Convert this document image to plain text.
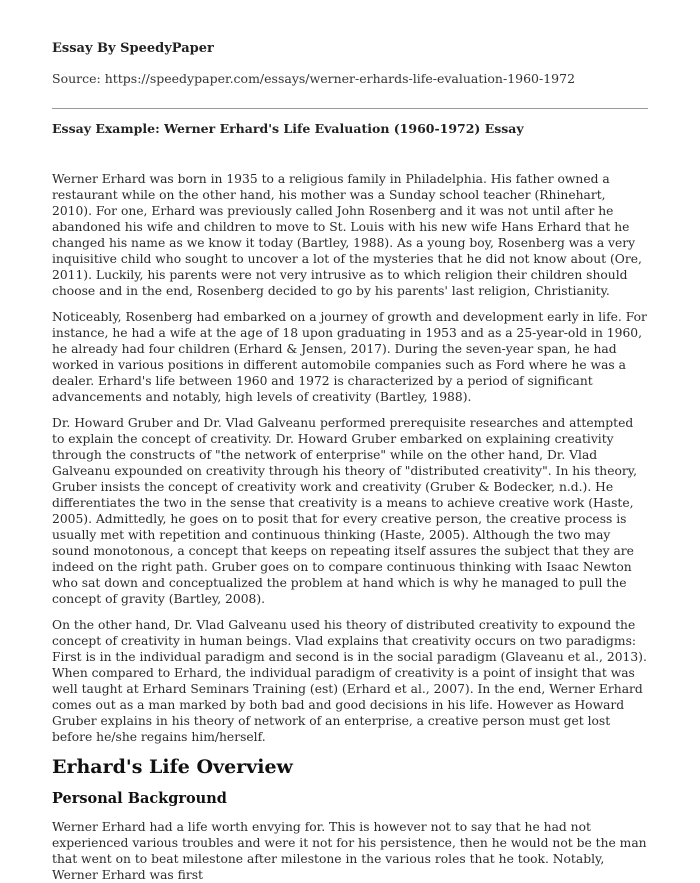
Essay By SpeedyPaper
Source: https://speedypaper.com/essays/werner-erhards-life-evaluation-1960-1972
Essay Example: Werner Erhard's Life Evaluation (1960-1972) Essay

Werner Erhard was born in 1935 to a religious family in Philadelphia. His father owned a restaurant while on the other hand, his mother was a Sunday school teacher (Rhinehart, 2010). For one, Erhard was previously called John Rosenberg and it was not until after he abandoned his wife and children to move to St. Louis with his new wife Hans Erhard that he changed his name as we know it today (Bartley, 1988). As a young boy, Rosenberg was a very inquisitive child who sought to uncover a lot of the mysteries that he did not know about (Ore, 2011). Luckily, his parents were not very intrusive as to which religion their children should choose and in the end, Rosenberg decided to go by his parents' last religion, Christianity.

Noticeably, Rosenberg had embarked on a journey of growth and development early in life. For instance, he had a wife at the age of 18 upon graduating in 1953 and as a 25-year-old in 1960, he already had four children (Erhard & Jensen, 2017). During the seven-year span, he had worked in various positions in different automobile companies such as Ford where he was a dealer. Erhard's life between 1960 and 1972 is characterized by a period of significant advancements and notably, high levels of creativity (Bartley, 1988).

Dr. Howard Gruber and Dr. Vlad Galveanu performed prerequisite researches and attempted to explain the concept of creativity. Dr. Howard Gruber embarked on explaining creativity through the constructs of "the network of enterprise" while on the other hand, Dr. Vlad Galveanu expounded on creativity through his theory of "distributed creativity". In his theory, Gruber insists the concept of creativity work and creativity (Gruber & Bodecker, n.d.). He differentiates the two in the sense that creativity is a means to achieve creative work (Haste, 2005). Admittedly, he goes on to posit that for every creative person, the creative process is usually met with repetition and continuous thinking (Haste, 2005). Although the two may sound monotonous, a concept that keeps on repeating itself assures the subject that they are indeed on the right path. Gruber goes on to compare continuous thinking with Isaac Newton who sat down and conceptualized the problem at hand which is why he managed to pull the concept of gravity (Bartley, 2008).

On the other hand, Dr. Vlad Galveanu used his theory of distributed creativity to expound the concept of creativity in human beings. Vlad explains that creativity occurs on two paradigms: First is in the individual paradigm and second is in the social paradigm (Glaveanu et al., 2013). When compared to Erhard, the individual paradigm of creativity is a point of insight that was well taught at Erhard Seminars Training (est) (Erhard et al., 2007). In the end, Werner Erhard comes out as a man marked by both bad and good decisions in his life. However as Howard Gruber explains in his theory of network of an enterprise, a creative person must get lost before he/she regains him/herself.

Erhard's Life Overview
Personal Background

Werner Erhard had a life worth envying for. This is however not to say that he had not experienced various troubles and were it not for his persistence, then he would not be the man that went on to beat milestone after milestone in the various roles that he took. Notably, Werner Erhard was first
